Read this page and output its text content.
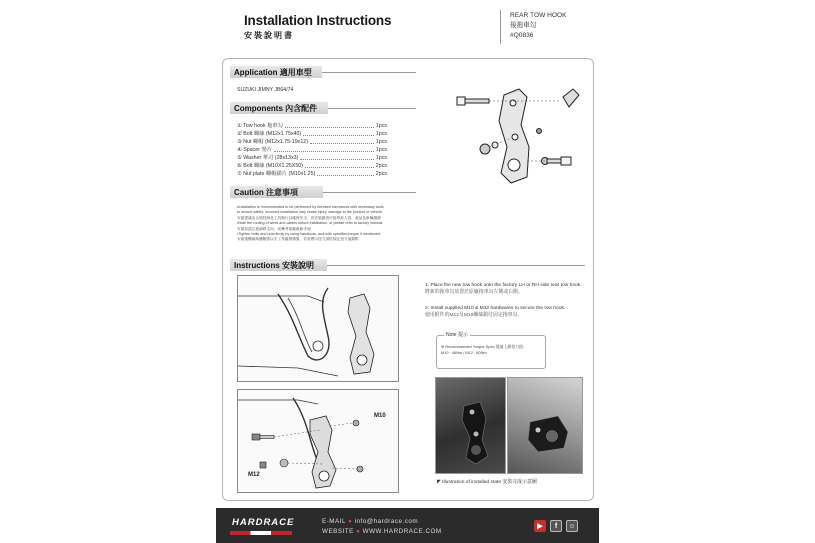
Installation Instructions
安裝說明書
REAR TOW HOOK
後拖車勾
#Q0836
Application 適用車型
SUZUKI JIMNY JB64/74
Components 內含配件
① Tow hook 拖車勾	1pcs
② Bolt 螺絲 (M12x1.75x40)	1pcs
③ Nut 螺帽 (M12x1.75-19x12)	1pcs
④ Spacer 墊片	1pcs
⑤ Washer 華司 (28x13x3)	1pcs
⑥ Bolt 螺絲 (M10X1.25X50)	2pcs
⑦ Nut plate 螺帽鎖片 (M10x1.25)	2pcs
Caution 注意事項
•Installation is recommended to be performed by licensed mechanics with necessary tools
to ensure safety. Incorrect installation may cause injury, damage to the product or vehicle.
安裝建議由合格技師及工具執行以確保安全，若安裝錯誤可能導致人員、產品及車輛損傷
•Note the routing of wires and cables before installation, or please refer to factory manual.
安裝前請注意線路走向，或參考原廠維修手冊
•Tighten bolts and nuts firmly by using handtools, and with specified torque if mentioned.
安裝後螺絲與螺帽需以手工具確實鎖緊，若有標示扭力請依規定扭力值鎖附
Instructions 安裝說明
M10
M12
1. Place the new tow hook onto the factory LH or RH side rear tow hook.
將新的拖車勾放置於原廠拖車勾左側或右側。
2. Install supplied M10 & M12 hardwares to secure the tow hook.
使用附件的M12及M10螺絲鎖付固定拖車勾。
Note 提示
※ Recommended Torque Spec 建議上鎖扭力值:
M10 : 46Nm / M12 : 80Nm
◤ Illustration of installed state 安裝完成示意圖
HARDRACE	E-MAIL ● info@hardrace.com
WEBSITE ● WWW.HARDRACE.COM
▶	f	☺
